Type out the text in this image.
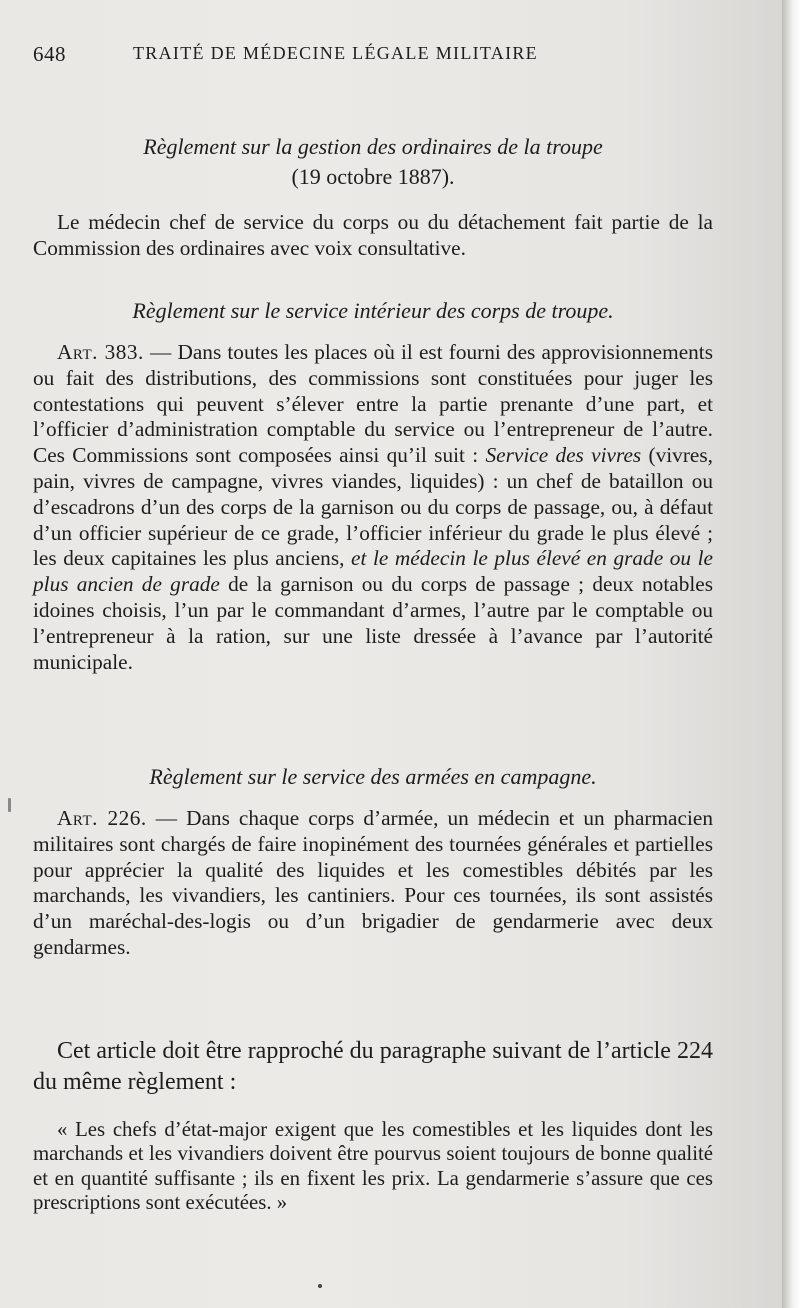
648	TRAITÉ DE MÉDECINE LÉGALE MILITAIRE
Règlement sur la gestion des ordinaires de la troupe
(19 octobre 1887).
Le médecin chef de service du corps ou du détachement fait partie de la Commission des ordinaires avec voix consultative.
Règlement sur le service intérieur des corps de troupe.
Art. 383. — Dans toutes les places où il est fourni des approvisionnements ou fait des distributions, des commissions sont constituées pour juger les contestations qui peuvent s’élever entre la partie prenante d’une part, et l’officier d’administration comptable du service ou l’entrepreneur de l’autre. Ces Commissions sont composées ainsi qu’il suit : Service des vivres (vivres, pain, vivres de campagne, vivres viandes, liquides) : un chef de bataillon ou d’escadrons d’un des corps de la garnison ou du corps de passage, ou, à défaut d’un officier supérieur de ce grade, l’officier inférieur du grade le plus élevé ; les deux capitaines les plus anciens, et le médecin le plus élevé en grade ou le plus ancien de grade de la garnison ou du corps de passage ; deux notables idoines choisis, l’un par le commandant d’armes, l’autre par le comptable ou l’entrepreneur à la ration, sur une liste dressée à l’avance par l’autorité municipale.
Règlement sur le service des armées en campagne.
Art. 226. — Dans chaque corps d’armée, un médecin et un pharmacien militaires sont chargés de faire inopinément des tournées générales et partielles pour apprécier la qualité des liquides et les comestibles débités par les marchands, les vivandiers, les cantiniers. Pour ces tournées, ils sont assistés d’un maréchal-des-logis ou d’un brigadier de gendarmerie avec deux gendarmes.
Cet article doit être rapproché du paragraphe suivant de l’article 224 du même règlement :
« Les chefs d’état-major exigent que les comestibles et les liquides dont les marchands et les vivandiers doivent être pourvus soient toujours de bonne qualité et en quantité suffisante ; ils en fixent les prix. La gendarmerie s’assure que ces prescriptions sont exécutées. »
